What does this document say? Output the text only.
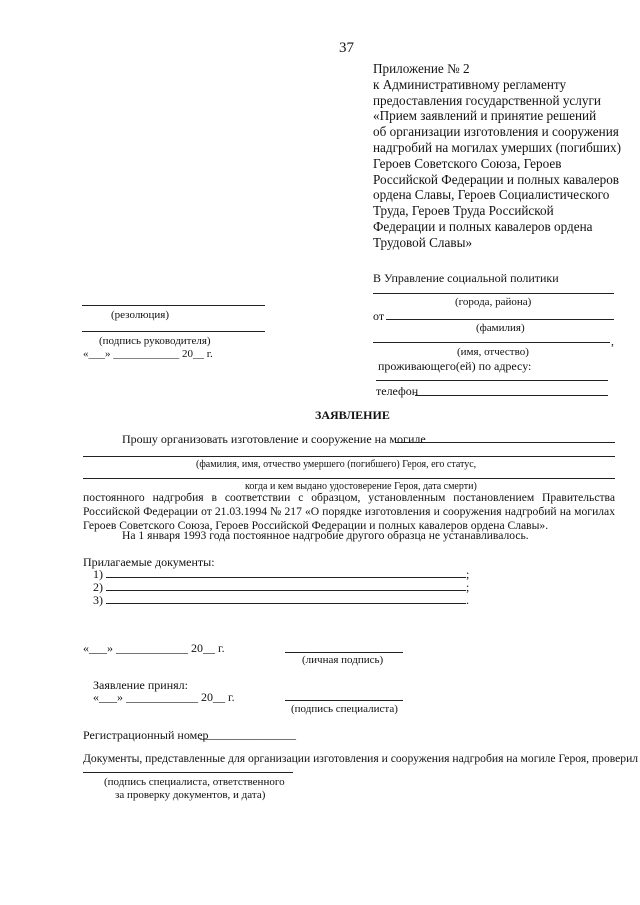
37
Приложение № 2
к Административному регламенту
предоставления государственной услуги
«Прием заявлений и принятие решений
об организации изготовления и сооружения
надгробий на могилах умерших (погибших)
Героев Советского Союза, Героев
Российской Федерации и полных кавалеров
ордена Славы, Героев Социалистического
Труда, Героев Труда Российской
Федерации и полных кавалеров ордена
Трудовой Славы»
В Управление социальной политики
(города, района)
от
(фамилия)
,
(имя, отчество)
проживающего(ей) по адресу:
телефон
(резолюция)
(подпись руководителя)
«___» ____________ 20__ г.
ЗАЯВЛЕНИЕ
Прошу организовать изготовление и сооружение на могиле
(фамилия, имя, отчество умершего (погибшего) Героя, его статус,
когда и кем выдано удостоверение Героя, дата смерти)
постоянного надгробия в соответствии с образцом, установленным постановлением Правительства Российской Федерации от 21.03.1994 № 217 «О порядке изготовления и сооружения надгробий на могилах Героев Советского Союза, Героев Российской Федерации и полных кавалеров ордена Славы».
На 1 января 1993 года постоянное надгробие другого образца не устанавливалось.
Прилагаемые документы:
1)	;
2)	;
3)	.
«___» ____________ 20__ г.
(личная подпись)
Заявление принял:
«___» ____________ 20__ г.
(подпись специалиста)
Регистрационный номер
________________
Документы, представленные для организации изготовления и сооружения надгробия на могиле Героя, проверил
(подпись специалиста, ответственного
за проверку документов, и дата)
